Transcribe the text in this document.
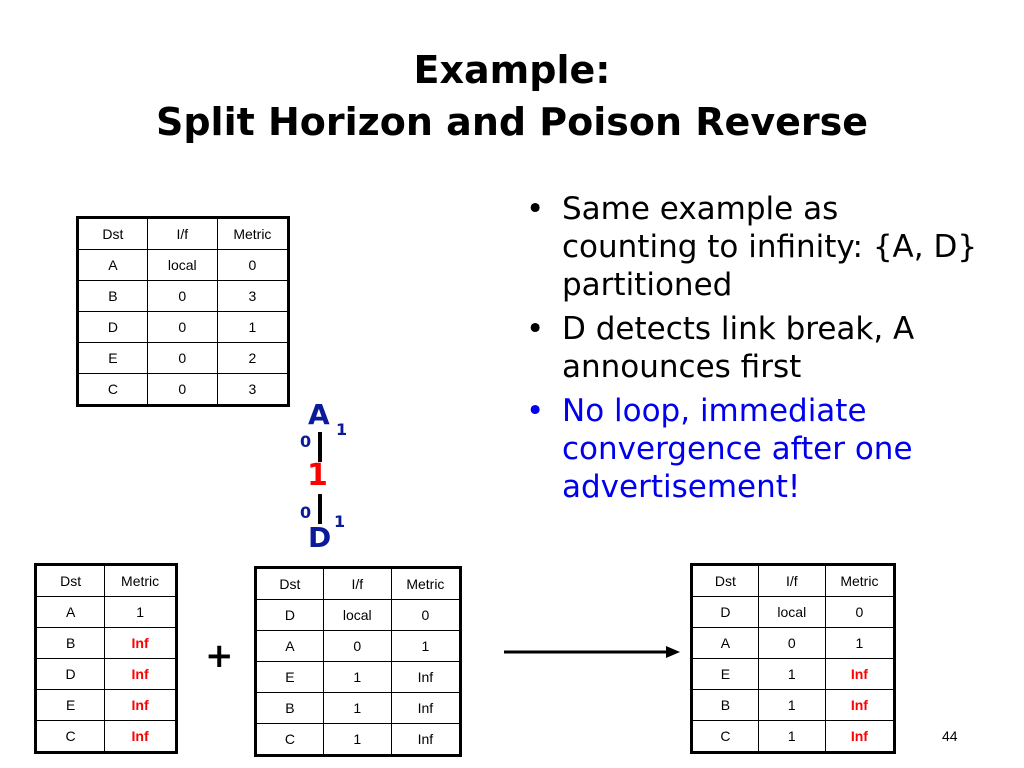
Example:
Split Horizon and Poison Reverse
Dst	I/f	Metric
A	local	0
B	0	3
D	0	1
E	0	2
C	0	3
• Same example as counting to infinity: {A, D} partitioned
• D detects link break, A announces first
• No loop, immediate convergence after one advertisement!
A 1
0
1
0
D 1
Dst	Metric
A	1
B	Inf
D	Inf
E	Inf
C	Inf
+
Dst	I/f	Metric
D	local	0
A	0	1
E	1	Inf
B	1	Inf
C	1	Inf
Dst	I/f	Metric
D	local	0
A	0	1
E	1	Inf
B	1	Inf
C	1	Inf	44
